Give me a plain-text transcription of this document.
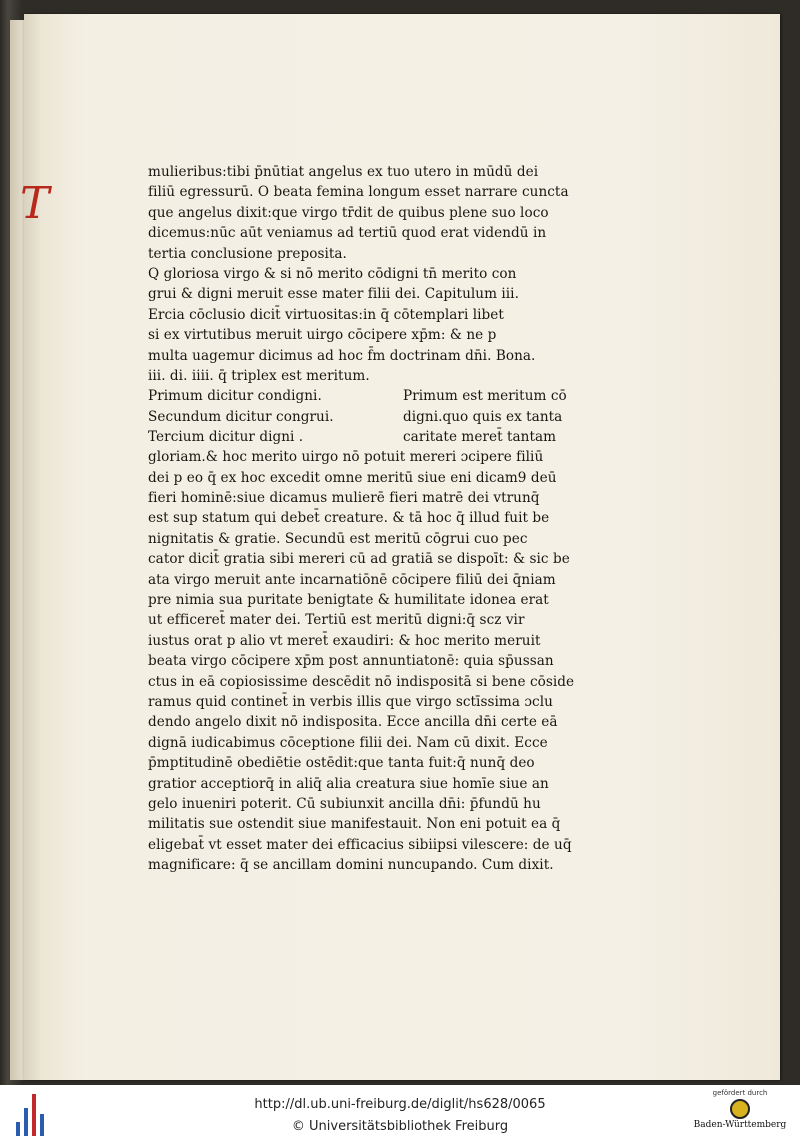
T
mulieribus:tibi p̄nūtiat angelus ex tuo utero in mūdū dei
filiū egressurū. O beata femina longum esset narrare cuncta
que angelus dixit:que virgo tr̄dit de quibus plene suo loco
dicemus:nūc aūt veniamus ad tertiū quod erat videndū in
tertia conclusione preposita.
Q gloriosa virgo & si nō merito cōdigni tn̄ merito con
grui & digni meruit esse mater filii dei. Capitulum iii.
Ercia cōclusio dicit̄ virtuositas:in q̄ cōtemplari libet
si ex virtutibus meruit uirgo cōcipere xp̄m: & ne p
multa uagemur dicimus ad hoc f̄m doctrinam dn̄i. Bona.
iii. di. iiii. q̄ triplex est meritum.
Primum dicitur condigni.
Secundum dicitur congrui.
Tercium dicitur digni .
Primum est meritum cō
digni.quo quis ex tanta
caritate meret̄ tantam
gloriam.& hoc merito uirgo nō potuit mereri ɔcipere filiū
dei p eo q̄ ex hoc excedit omne meritū siue eni dicam9 deū
fieri hominē:siue dicamus mulierē fieri matrē dei vtrunq̄
est sup statum qui debet̄ creature. & tā hoc q̄ illud fuit be
nignitatis & gratie. Secundū est meritū cōgrui cuo pec
cator dicit̄ gratia sibi mereri cū ad gratiā se dispoīt: & sic be
ata virgo meruit ante incarnatiōnē cōcipere filiū dei q̄niam
pre nimia sua puritate benigtate & humilitate idonea erat
ut efficeret̄ mater dei. Tertiū est meritū digni:q̄ scz vir
iustus orat p alio vt meret̄ exaudiri: & hoc merito meruit
beata virgo cōcipere xp̄m post annuntiatonē: quia sp̄ussan
ctus in eā copiosissime descēdit nō indispositā si bene cōside
ramus quid continet̄ in verbis illis que virgo sctīssima ɔclu
dendo angelo dixit nō indisposita. Ecce ancilla dn̄i certe eā
dignā iudicabimus cōceptione filii dei. Nam cū dixit. Ecce
p̄mptitudinē obediētie ostēdit:que tanta fuit:q̄ nunq̄ deo
gratior acceptiorq̄ in aliq̄ alia creatura siue homīe siue an
gelo inueniri poterit. Cū subiunxit ancilla dn̄i: p̄fundū hu
militatis sue ostendit siue manifestauit. Non eni potuit ea q̄
eligebat̄ vt esset mater dei efficacius sibiipsi vilescere: de uq̄
magnificare: q̄ se ancillam domini nuncupando. Cum dixit.
http://dl.ub.uni-freiburg.de/diglit/hs628/0065
© Universitätsbibliothek Freiburg
gefördert durch
Baden-Württemberg
